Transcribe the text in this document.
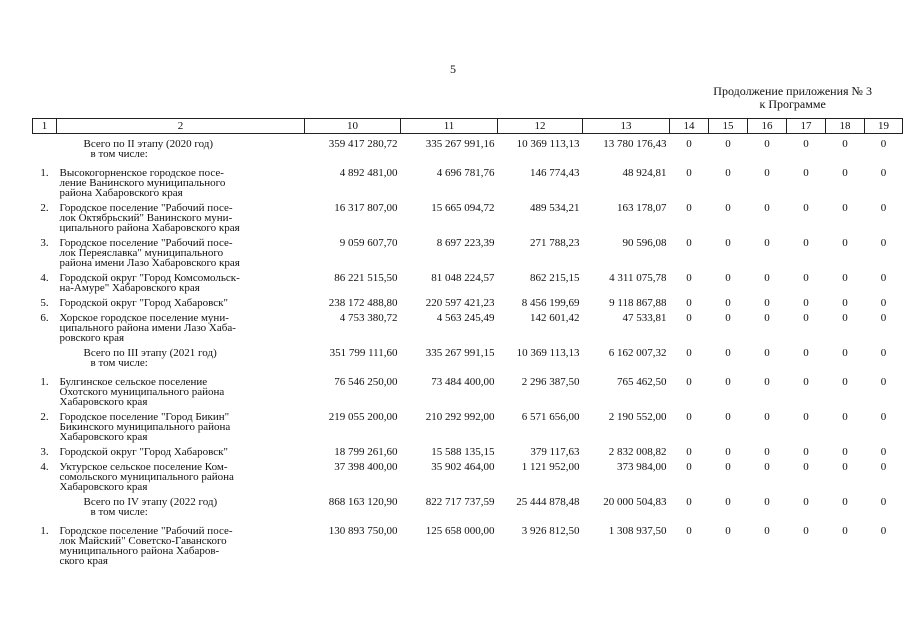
5
Продолжение приложения № 3
к Программе
1	2	10	11	12	13	14	15	16	17	18	19
	Всего по II этапу (2020 год)	359 417 280,72	335 267 991,16	10 369 113,13	13 780 176,43	0	0	0	0	0	0
	в том числе:										
1.	Высокогорненское городское посе-
ление Ванинского муниципального
района Хабаровского края	4 892 481,00	4 696 781,76	146 774,43	48 924,81	0	0	0	0	0	0
2.	Городское поселение "Рабочий посе-
лок Октябрьский" Ванинского муни-
ципального района Хабаровского края	16 317 807,00	15 665 094,72	489 534,21	163 178,07	0	0	0	0	0	0
3.	Городское поселение "Рабочий посе-
лок Переяславка" муниципального
района имени Лазо Хабаровского края	9 059 607,70	8 697 223,39	271 788,23	90 596,08	0	0	0	0	0	0
4.	Городской округ "Город Комсомольск-
на-Амуре" Хабаровского края	86 221 515,50	81 048 224,57	862 215,15	4 311 075,78	0	0	0	0	0	0
5.	Городской округ "Город Хабаровск"	238 172 488,80	220 597 421,23	8 456 199,69	9 118 867,88	0	0	0	0	0	0
6.	Хорское городское поселение муни-
ципального района имени Лазо Хаба-
ровского края	4 753 380,72	4 563 245,49	142 601,42	47 533,81	0	0	0	0	0	0
	Всего по III этапу (2021 год)	351 799 111,60	335 267 991,15	10 369 113,13	6 162 007,32	0	0	0	0	0	0
	в том числе:										
1.	Булгинское сельское поселение
Охотского муниципального района
Хабаровского края	76 546 250,00	73 484 400,00	2 296 387,50	765 462,50	0	0	0	0	0	0
2.	Городское поселение "Город Бикин"
Бикинского муниципального района
Хабаровского края	219 055 200,00	210 292 992,00	6 571 656,00	2 190 552,00	0	0	0	0	0	0
3.	Городской округ "Город Хабаровск"	18 799 261,60	15 588 135,15	379 117,63	2 832 008,82	0	0	0	0	0	0
4.	Уктурское сельское поселение Ком-
сомольского муниципального района
Хабаровского края	37 398 400,00	35 902 464,00	1 121 952,00	373 984,00	0	0	0	0	0	0
	Всего по IV этапу (2022 год)	868 163 120,90	822 717 737,59	25 444 878,48	20 000 504,83	0	0	0	0	0	0
	в том числе:										
1.	Городское поселение "Рабочий посе-
лок Майский" Советско-Гаванского
муниципального района Хабаров-
ского края	130 893 750,00	125 658 000,00	3 926 812,50	1 308 937,50	0	0	0	0	0	0
